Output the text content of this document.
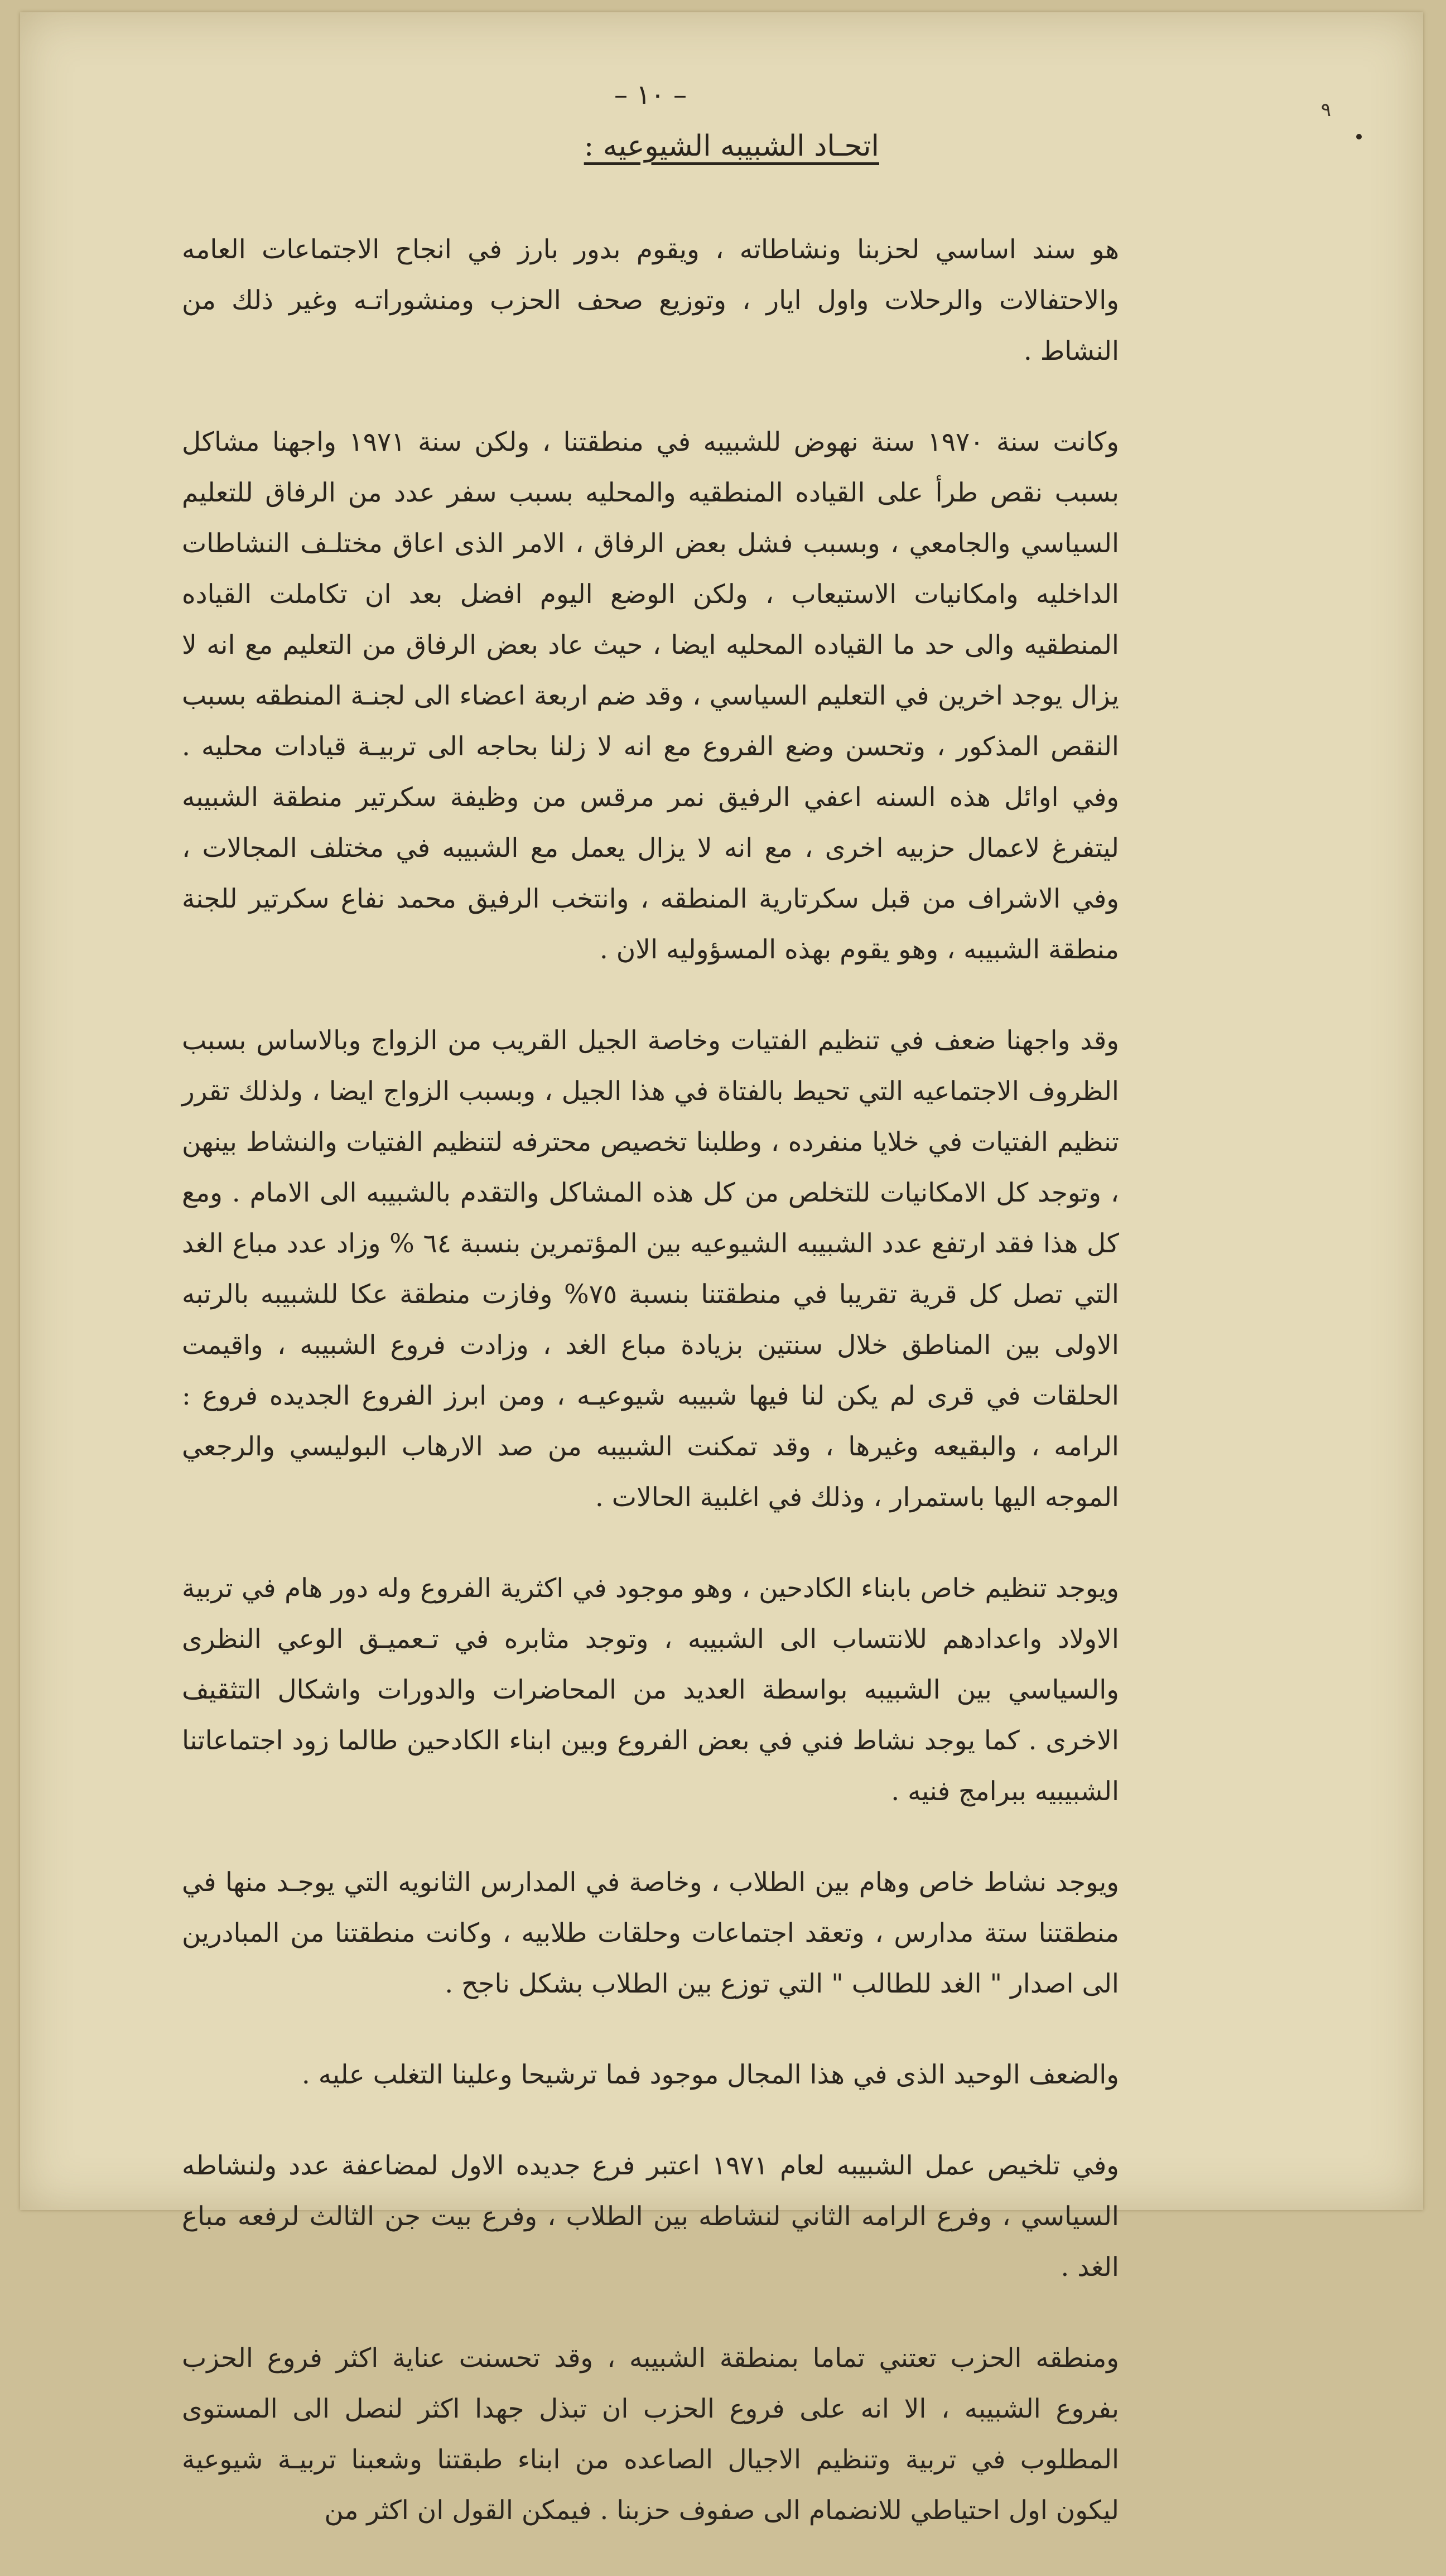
٩
– ١٠ –
اتحـاد الشبيبه الشيوعيه :

هو سند اساسي لحزبنا ونشاطاته ، ويقوم بدور بارز في انجاح الاجتماعات العامه والاحتفالات والرحلات واول ايار ، وتوزيع صحف الحزب ومنشوراتـه وغير ذلك من النشاط .

وكانت سنة ١٩٧٠ سنة نهوض للشبيبه في منطقتنا ، ولكن سنة ١٩٧١ واجهنا مشاكل بسبب نقص طرأ على القياده المنطقيه والمحليه بسبب سفر عدد من الرفاق للتعليم السياسي والجامعي ، وبسبب فشل بعض الرفاق ، الامر الذى اعاق مختلـف النشاطات الداخليه وامكانيات الاستيعاب ، ولكن الوضع اليوم افضل بعد ان تكاملت القياده المنطقيه والى حد ما القياده المحليه ايضا ، حيث عاد بعض الرفاق من التعليم مع انه لا يزال يوجد اخرين في التعليم السياسي ، وقد ضم اربعة اعضاء الى لجنـة المنطقه بسبب النقص المذكور ، وتحسن وضع الفروع مع انه لا زلنا بحاجه الى تربيـة قيادات محليه . وفي اوائل هذه السنه اعفي الرفيق نمر مرقس من وظيفة سكرتير منطقة الشبيبه ليتفرغ لاعمال حزبيه اخرى ، مع انه لا يزال يعمل مع الشبيبه في مختلف المجالات ، وفي الاشراف من قبل سكرتارية المنطقه ، وانتخب الرفيق محمد نفاع سكرتير للجنة منطقة الشبيبه ، وهو يقوم بهذه المسؤوليه الان .

وقد واجهنا ضعف في تنظيم الفتيات وخاصة الجيل القريب من الزواج وبالاساس بسبب الظروف الاجتماعيه التي تحيط بالفتاة في هذا الجيل ، وبسبب الزواج ايضا ، ولذلك تقرر تنظيم الفتيات في خلايا منفرده ، وطلبنا تخصيص محترفه لتنظيم الفتيات والنشاط بينهن ، وتوجد كل الامكانيات للتخلص من كل هذه المشاكل والتقدم بالشبيبه الى الامام . ومع كل هذا فقد ارتفع عدد الشبيبه الشيوعيه بين المؤتمرين بنسبة ٦٤ % وزاد عدد مباع الغد التي تصل كل قرية تقريبا في منطقتنا بنسبة ٧٥% وفازت منطقة عكا للشبيبه بالرتبه الاولى بين المناطق خلال سنتين بزيادة مباع الغد ، وزادت فروع الشبيبه ، واقيمت الحلقات في قرى لم يكن لنا فيها شبيبه شيوعيـه ، ومن ابرز الفروع الجديده فروع : الرامه ، والبقيعه وغيرها ، وقد تمكنت الشبيبه من صد الارهاب البوليسي والرجعي الموجه اليها باستمرار ، وذلك في اغلبية الحالات .

ويوجد تنظيم خاص بابناء الكادحين ، وهو موجود في اكثرية الفروع وله دور هام في تربية الاولاد واعدادهم للانتساب الى الشبيبه ، وتوجد مثابره في تـعميـق الوعي النظرى والسياسي بين الشبيبه بواسطة العديد من المحاضرات والدورات واشكال التثقيف الاخرى . كما يوجد نشاط فني في بعض الفروع وبين ابناء الكادحين طالما زود اجتماعاتنا الشبيبيه ببرامج فنيه .

ويوجد نشاط خاص وهام بين الطلاب ، وخاصة في المدارس الثانويه التي يوجـد منها في منطقتنا ستة مدارس ، وتعقد اجتماعات وحلقات طلابيه ، وكانت منطقتنا من المبادرين الى اصدار " الغد للطالب " التي توزع بين الطلاب بشكل ناجح .

والضعف الوحيد الذى في هذا المجال موجود فما ترشيحا وعلينا التغلب عليه .

وفي تلخيص عمل الشبيبه لعام ١٩٧١ اعتبر فرع جديده الاول لمضاعفة عدد ولنشاطه السياسي ، وفرع الرامه الثاني لنشاطه بين الطلاب ، وفرع بيت جن الثالث لرفعه مباع الغد .

ومنطقه الحزب تعتني تماما بمنطقة الشبيبه ، وقد تحسنت عناية اكثر فروع الحزب بفروع الشبيبه ، الا انه على فروع الحزب ان تبذل جهدا اكثر لنصل الى المستوى المطلوب في تربية وتنظيم الاجيال الصاعده من ابناء طبقتنا وشعبنا تربيـة شيوعية ليكون اول احتياطي للانضمام الى صفوف حزبنا . فيمكن القول ان اكثر من
